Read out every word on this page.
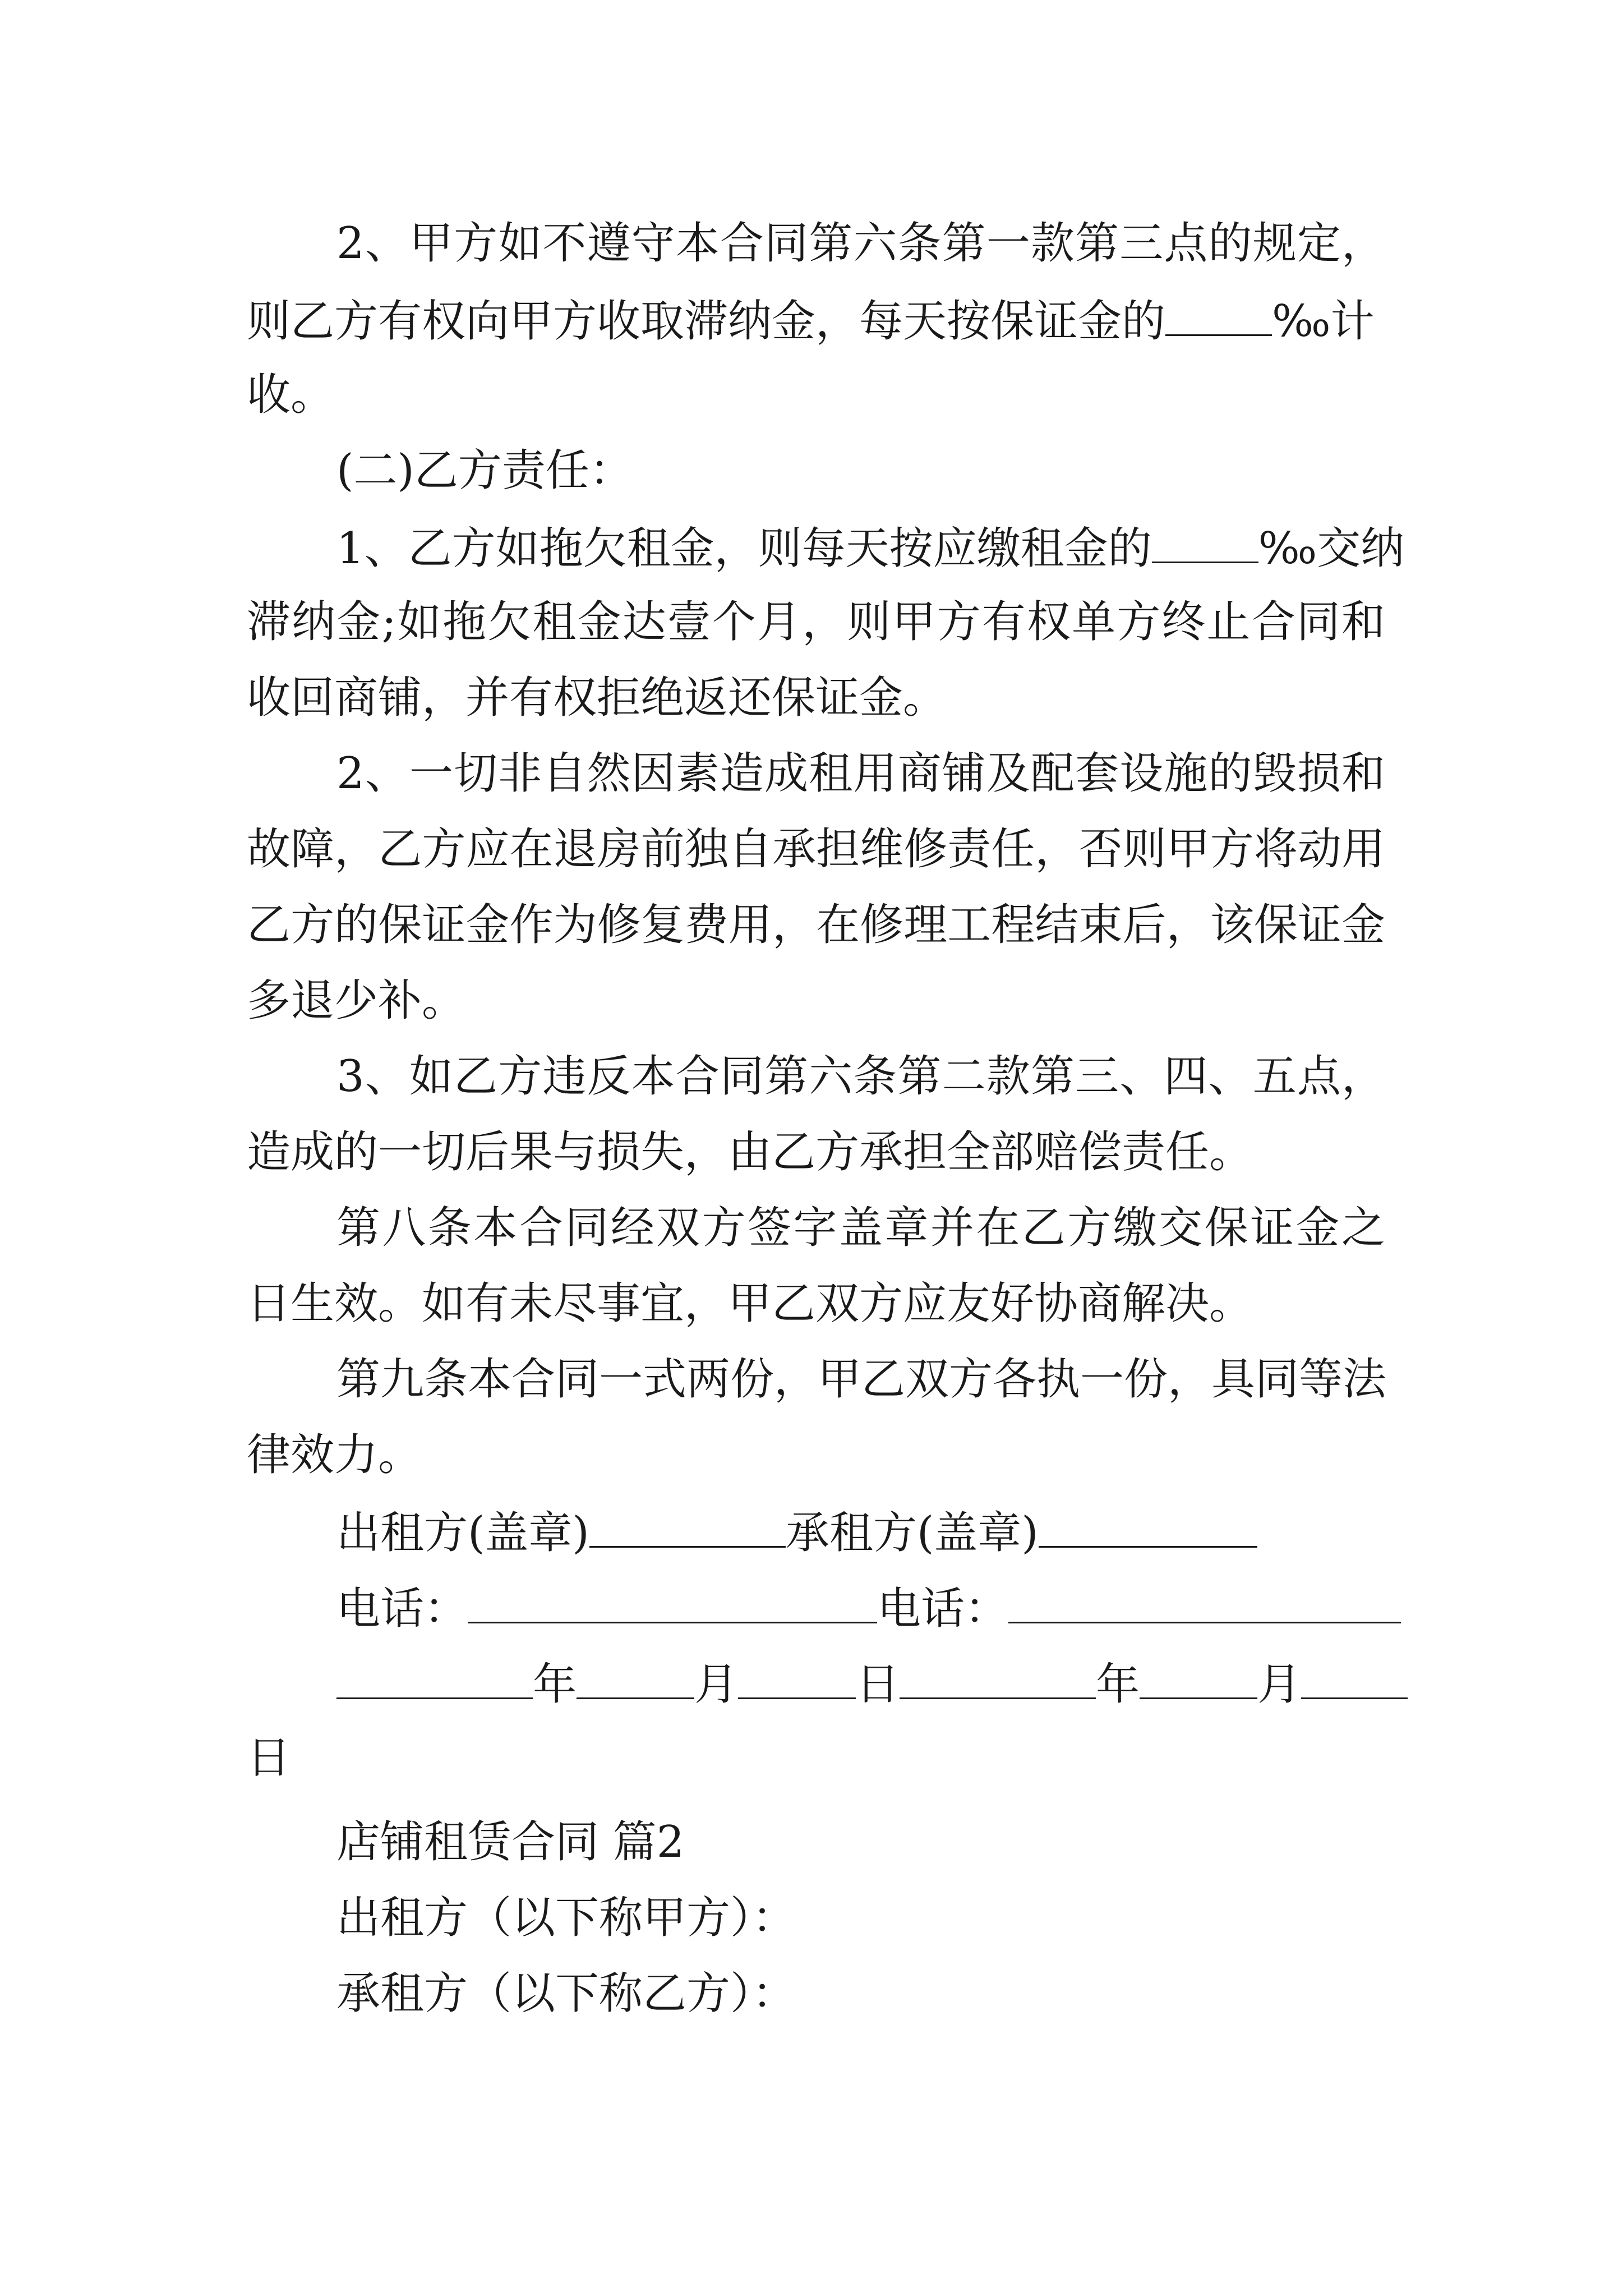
2、甲方如不遵守本合同第六条第一款第三点的规定，
则乙方有权向甲方收取滞纳金，每天按保证金的 ‰计
收。
(二)乙方责任：
1、乙方如拖欠租金，则每天按应缴租金的 ‰交纳
滞纳金;如拖欠租金达壹个月，则甲方有权单方终止合同和
收回商铺，并有权拒绝返还保证金。
2、一切非自然因素造成租用商铺及配套设施的毁损和
故障，乙方应在退房前独自承担维修责任，否则甲方将动用
乙方的保证金作为修复费用，在修理工程结束后，该保证金
多退少补。
3、如乙方违反本合同第六条第二款第三、四、五点，
造成的一切后果与损失，由乙方承担全部赔偿责任。
第八条本合同经双方签字盖章并在乙方缴交保证金之
日生效。如有未尽事宜，甲乙双方应友好协商解决。
第九条本合同一式两份，甲乙双方各执一份，具同等法
律效力。
出租方(盖章)	承租方(盖章)
电话：	电话：
年	月	日	年	月
日
店铺租赁合同 篇2
出租方（以下称甲方）：
承租方（以下称乙方）：
